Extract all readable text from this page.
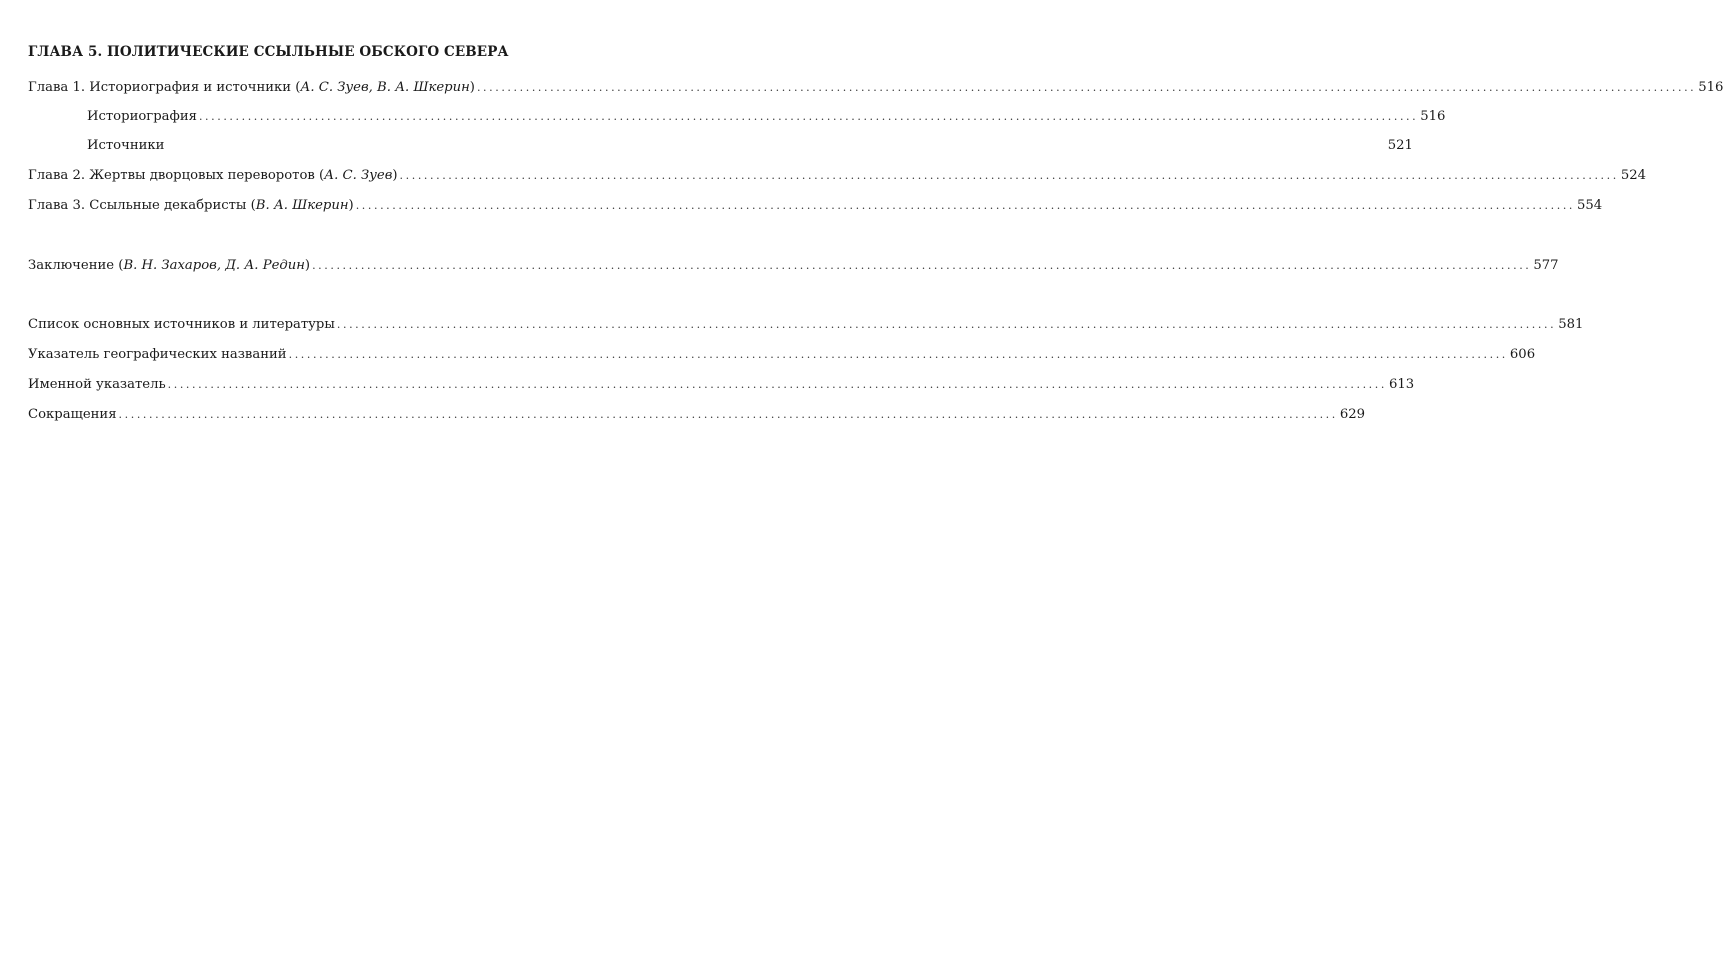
ГЛАВА 5. ПОЛИТИЧЕСКИЕ ССЫЛЬНЫЕ ОБСКОГО СЕВЕРА
Глава 1. Историография и источники (А. С. Зуев, В. А. Шкерин) ........................................................................................................................................................................................................ 516
Историография ........................................................................................................................................................................................................ 516
Источники	521
Глава 2. Жертвы дворцовых переворотов (А. С. Зуев) ........................................................................................................................................................................................................ 524
Глава 3. Ссыльные декабристы (В. А. Шкерин) ........................................................................................................................................................................................................ 554
Заключение (В. Н. Захаров, Д. А. Редин) ........................................................................................................................................................................................................ 577
Список основных источников и литературы ........................................................................................................................................................................................................ 581
Указатель географических названий ........................................................................................................................................................................................................ 606
Именной указатель ........................................................................................................................................................................................................ 613
Сокращения ........................................................................................................................................................................................................ 629
